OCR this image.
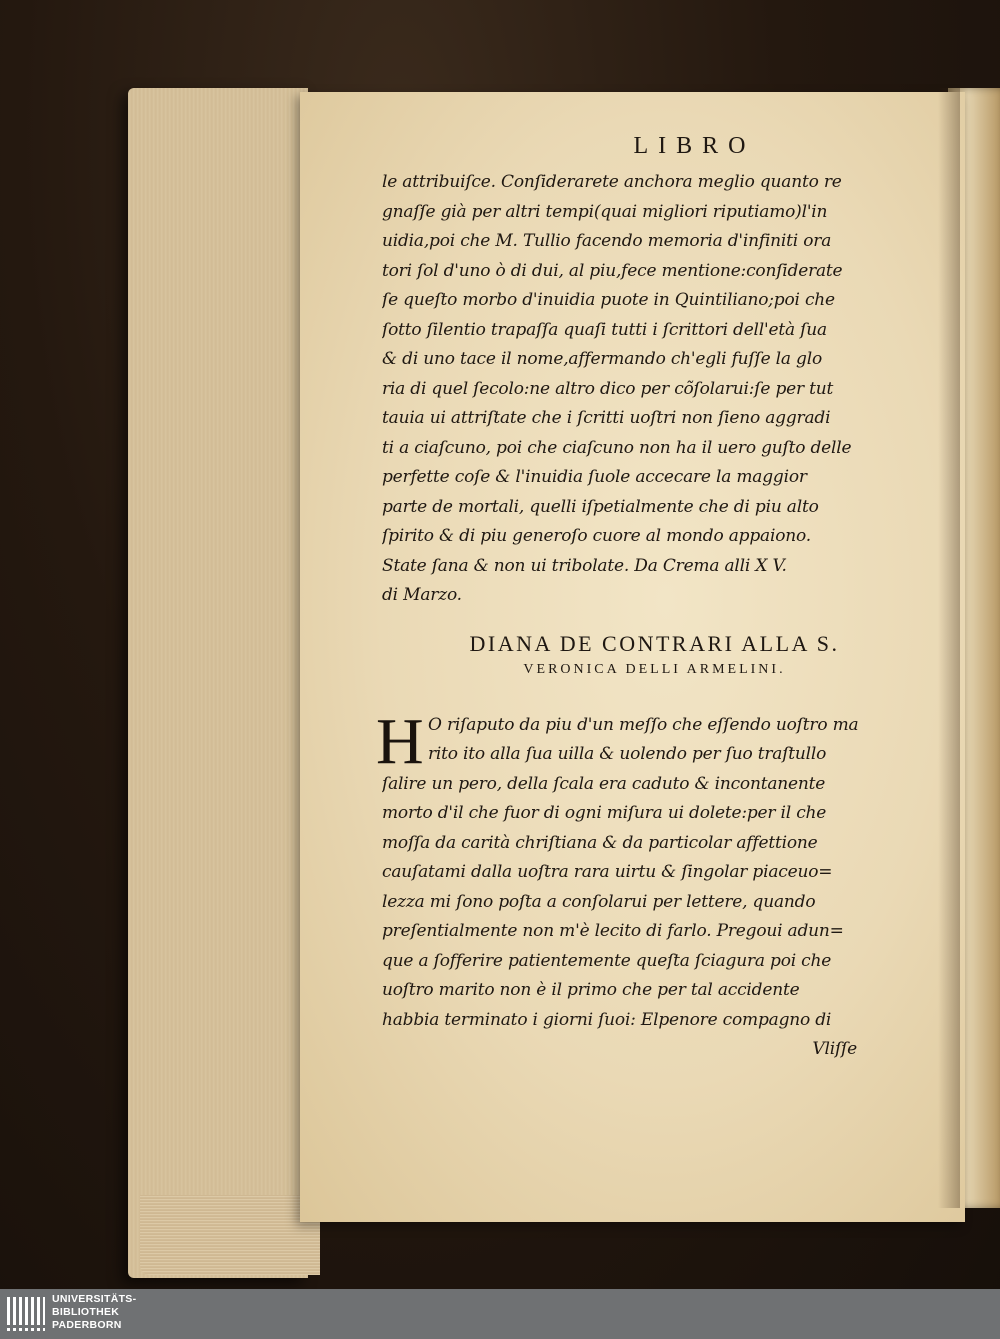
LIBRO
le attribuiſce. Conſiderarete anchora meglio quanto re
gnaſſe già per altri tempi(quai migliori riputiamo)l'in
uidia,poi che M. Tullio facendo memoria d'infiniti ora
tori ſol d'uno ò di dui, al piu,fece mentione:conſiderate
ſe queſto morbo d'inuidia puote in Quintiliano;poi che
ſotto ſilentio trapaſſa quaſi tutti i ſcrittori dell'età ſua
& di uno tace il nome,affermando ch'egli fuſſe la glo
ria di quel ſecolo:ne altro dico per cõſolarui:ſe per tut
tauia ui attriſtate che i ſcritti uoſtri non ſieno aggradi
ti a ciaſcuno, poi che ciaſcuno non ha il uero guſto delle
perfette coſe & l'inuidia ſuole accecare la maggior
parte de mortali, quelli iſpetialmente che di piu alto
ſpirito & di piu generoſo cuore al mondo appaiono.
State ſana & non ui tribolate. Da Crema alli X V.
di Marzo.
DIANA DE CONTRARI ALLA S.
VERONICA DELLI ARMELINI.
H O riſaputo da piu d'un meſſo che eſſendo uoſtro ma
rito ito alla ſua uilla & uolendo per ſuo traſtullo
ſalire un pero, della ſcala era caduto & incontanente
morto d'il che fuor di ogni miſura ui dolete:per il che
moſſa da carità chriſtiana & da particolar affettione
cauſatami dalla uoſtra rara uirtu & ſingolar piaceuo=
lezza mi ſono poſta a conſolarui per lettere, quando
preſentialmente non m'è lecito di farlo. Pregoui adun=
que a ſofferire patientemente queſta ſciagura poi che
uoſtro marito non è il primo che per tal accidente
habbia terminato i giorni ſuoi: Elpenore compagno di
Vliſſe
UNIVERSITÄTS-
BIBLIOTHEK
PADERBORN
